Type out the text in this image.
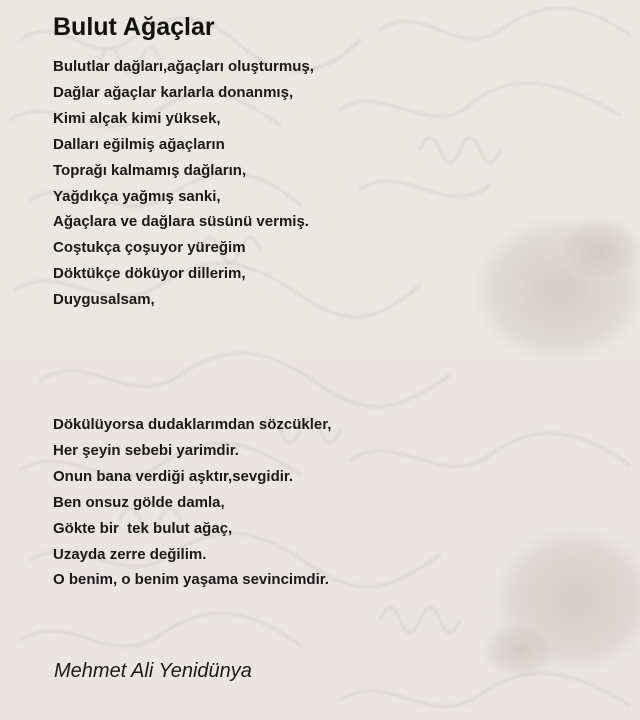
Bulut Ağaçlar
Bulutlar dağları,ağaçları oluşturmuş,
Dağlar ağaçlar karlarla donanmış,
Kimi alçak kimi yüksek,
Dalları eğilmiş ağaçların
Toprağı kalmamış dağların,
Yağdıkça yağmış sanki,
Ağaçlara ve dağlara süsünü vermiş.
Coştukça çoşuyor yüreğim
Döktükçe döküyor dillerim,
Duygusalsam,
Dökülüyorsa dudaklarımdan sözcükler,
Her şeyin sebebi yarimdir.
Onun bana verdiği aşktır,sevgidir.
Ben onsuz gölde damla,
Gökte bir  tek bulut ağaç,
Uzayda zerre değilim.
O benim, o benim yaşama sevincimdir.
Mehmet Ali Yenidünya
